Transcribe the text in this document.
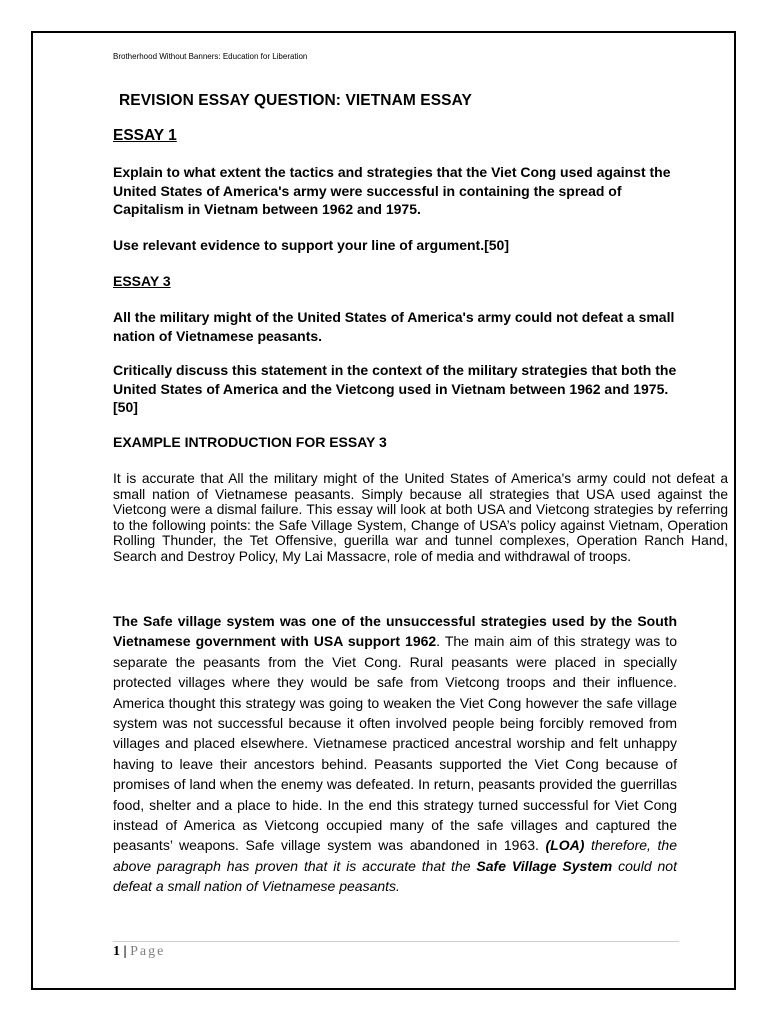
Brotherhood Without Banners: Education for Liberation
REVISION ESSAY QUESTION: VIETNAM ESSAY
ESSAY 1
Explain to what extent the tactics and strategies that the Viet Cong used against the United States of America's army were successful in containing the spread of Capitalism in Vietnam between 1962 and 1975.
Use relevant evidence to support your line of argument.[50]
ESSAY 3
All the military might of the United States of America's army could not defeat a small nation of Vietnamese peasants.
Critically discuss this statement in the context of the military strategies that both the United States of America and the Vietcong used in Vietnam between 1962 and 1975. [50]
EXAMPLE INTRODUCTION FOR ESSAY 3
It is accurate that All the military might of the United States of America's army could not defeat a small nation of Vietnamese peasants. Simply because all strategies that USA used against the Vietcong were a dismal failure. This essay will look at both USA and Vietcong strategies by referring to the following points: the Safe Village System, Change of USA’s policy against Vietnam, Operation Rolling Thunder, the Tet Offensive, guerilla war and tunnel complexes, Operation Ranch Hand, Search and Destroy Policy, My Lai Massacre, role of media and withdrawal of troops.
The Safe village system was one of the unsuccessful strategies used by the South Vietnamese government with USA support 1962. The main aim of this strategy was to separate the peasants from the Viet Cong. Rural peasants were placed in specially protected villages where they would be safe from Vietcong troops and their influence. America thought this strategy was going to weaken the Viet Cong however the safe village system was not successful because it often involved people being forcibly removed from villages and placed elsewhere. Vietnamese practiced ancestral worship and felt unhappy having to leave their ancestors behind. Peasants supported the Viet Cong because of promises of land when the enemy was defeated. In return, peasants provided the guerrillas food, shelter and a place to hide. In the end this strategy turned successful for Viet Cong instead of America as Vietcong occupied many of the safe villages and captured the peasants’ weapons. Safe village system was abandoned in 1963. (LOA) therefore, the above paragraph has proven that it is accurate that the Safe Village System could not defeat a small nation of Vietnamese peasants.
1 | Page
